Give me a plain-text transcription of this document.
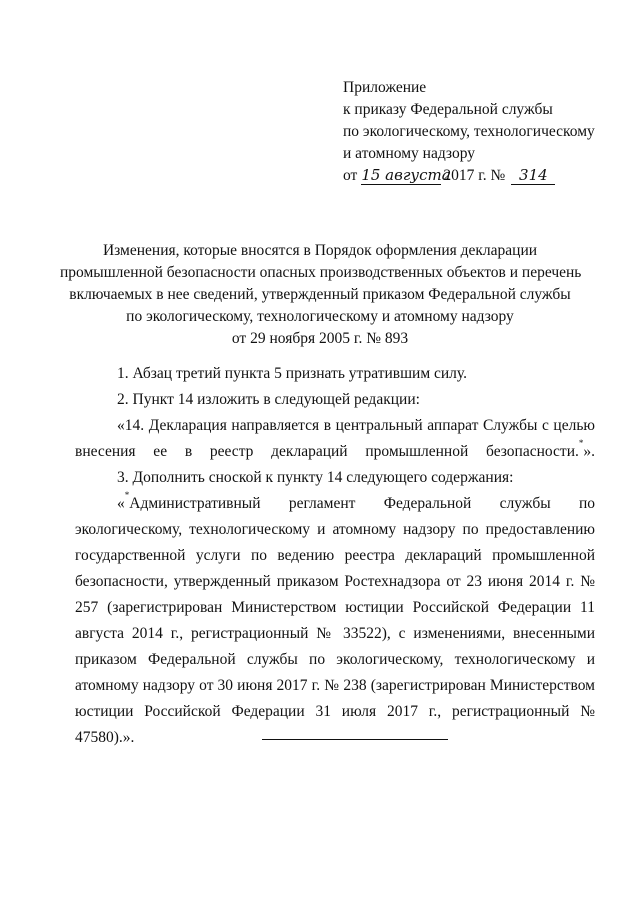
Приложение
к приказу Федеральной службы
по экологическому, технологическому
и атомному надзору
от 15 августа2017 г. № 314
Изменения, которые вносятся в Порядок оформления декларации
промышленной безопасности опасных производственных объектов и перечень
включаемых в нее сведений, утвержденный приказом Федеральной службы
по экологическому, технологическому и атомному надзору
от 29 ноября 2005 г. № 893

1. Абзац третий пункта 5 признать утратившим силу.

2. Пункт 14 изложить в следующей редакции:

«14. Декларация направляется в центральный аппарат Службы с целью внесения ее в реестр деклараций промышленной безопасности.*».

3. Дополнить сноской к пункту 14 следующего содержания:

«*Административный регламент Федеральной службы по экологическому, технологическому и атомному надзору по предоставлению государственной услуги по ведению реестра деклараций промышленной безопасности, утвержденный приказом Ростехнадзора от 23 июня 2014 г. № 257 (зарегистрирован Министерством юстиции Российской Федерации 11 августа 2014 г., регистрационный № 33522), с изменениями, внесенными приказом Федеральной службы по экологическому, технологическому и атомному надзору от 30 июня 2017 г. № 238 (зарегистрирован Министерством юстиции Российской Федерации 31 июля 2017 г., регистрационный № 47580).».
